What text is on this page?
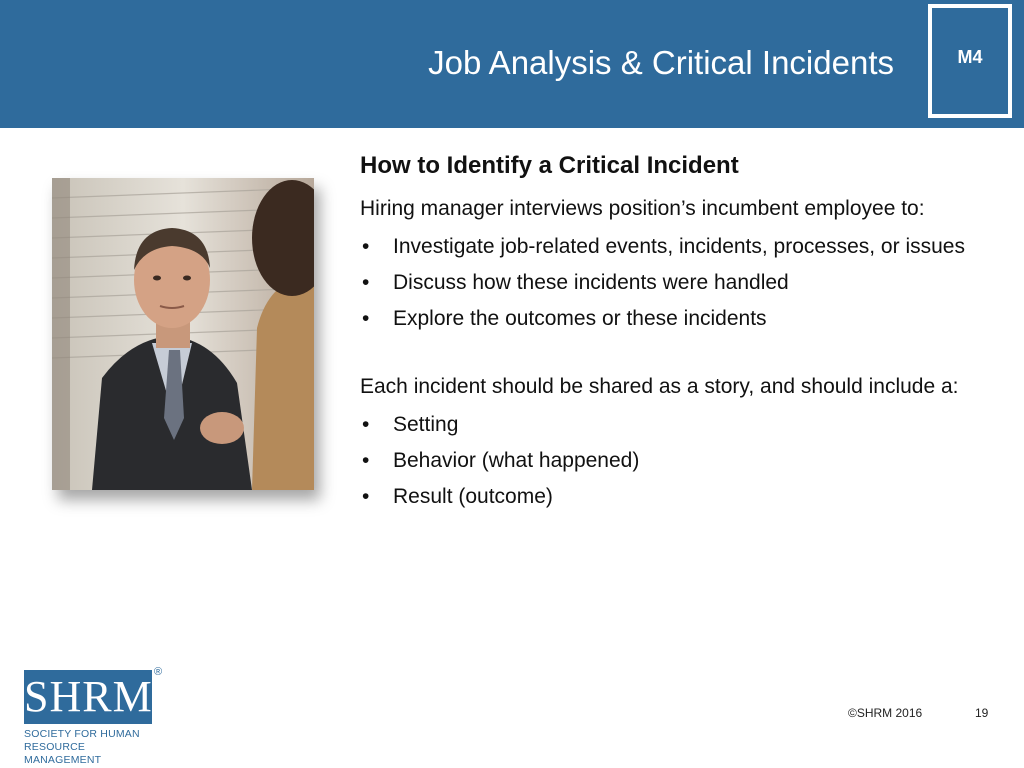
Job Analysis & Critical Incidents	M4
How to Identify a Critical Incident

Hiring manager interviews position’s incumbent employee to:

• Investigate job-related events, incidents, processes, or issues
• Discuss how these incidents were handled
• Explore the outcomes or these incidents

Each incident should be shared as a story, and should include a:

• Setting
• Behavior (what happened)
• Result (outcome)
SHRM ®
SOCIETY FOR HUMAN
RESOURCE MANAGEMENT
©SHRM 2016	19
